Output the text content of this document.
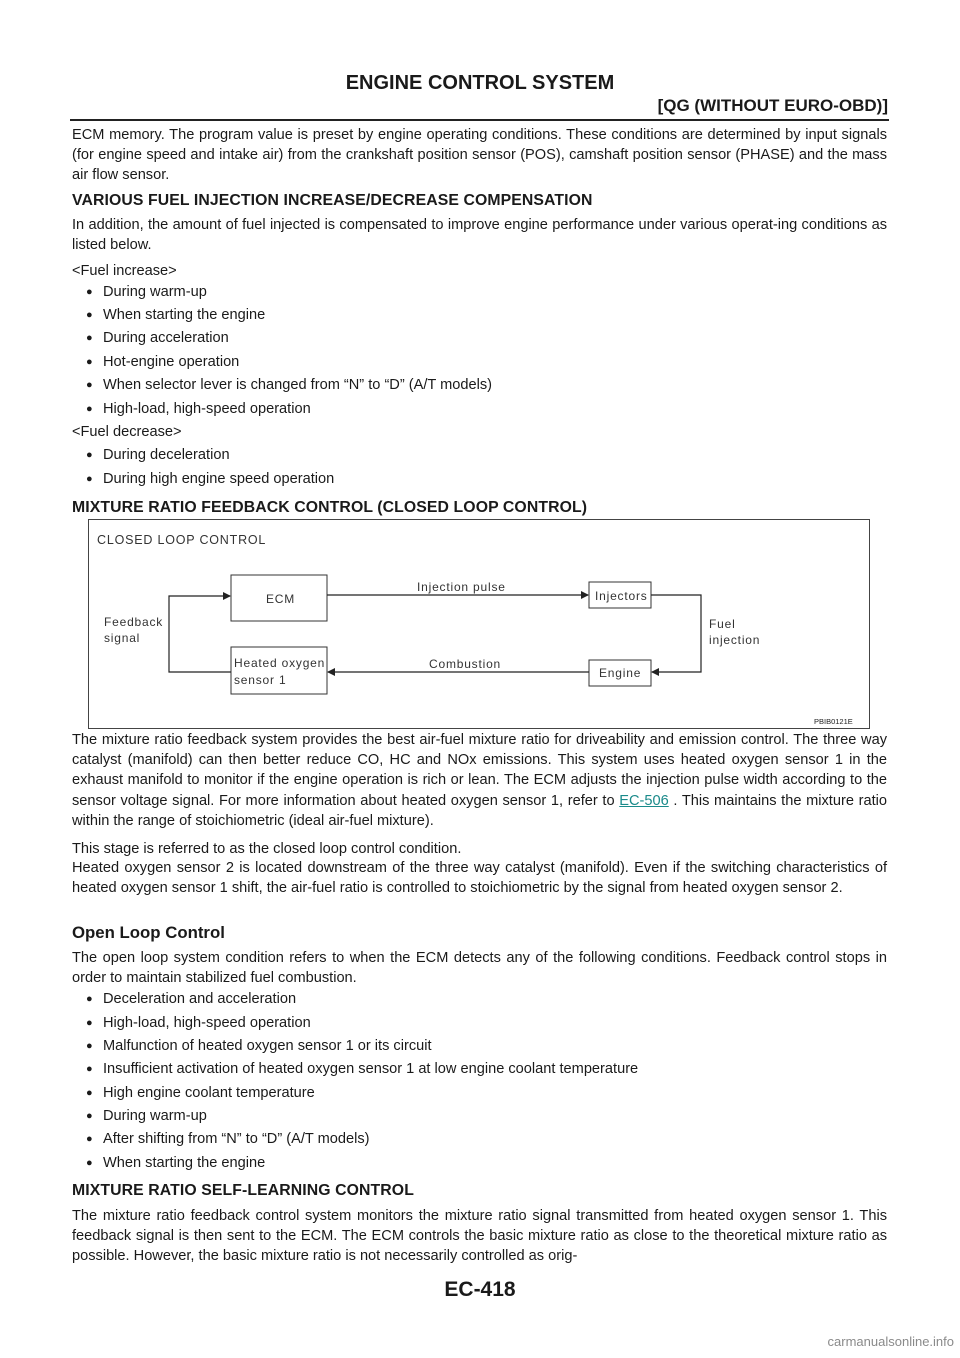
ENGINE CONTROL SYSTEM
[QG (WITHOUT EURO-OBD)]

ECM memory. The program value is preset by engine operating conditions. These conditions are determined by input signals (for engine speed and intake air) from the crankshaft position sensor (POS), camshaft position sensor (PHASE) and the mass air flow sensor.

VARIOUS FUEL INJECTION INCREASE/DECREASE COMPENSATION

In addition, the amount of fuel injected is compensated to improve engine performance under various operat-ing conditions as listed below.

<Fuel increase>
● During warm-up
● When starting the engine
● During acceleration
● Hot-engine operation
● When selector lever is changed from “N” to “D” (A/T models)
● High-load, high-speed operation
<Fuel decrease>
● During deceleration
● During high engine speed operation
MIXTURE RATIO FEEDBACK CONTROL (CLOSED LOOP CONTROL)
CLOSED LOOP CONTROL
ECM
Heated oxygen
sensor 1
Injectors
Engine
Injection pulse
Combustion
Feedback
signal
Fuel
injection
PBIB0121E

The mixture ratio feedback system provides the best air-fuel mixture ratio for driveability and emission control. The three way catalyst (manifold) can then better reduce CO, HC and NOx emissions. This system uses heated oxygen sensor 1 in the exhaust manifold to monitor if the engine operation is rich or lean. The ECM adjusts the injection pulse width according to the sensor voltage signal. For more information about heated oxygen sensor 1, refer to EC-506 . This maintains the mixture ratio within the range of stoichiometric (ideal air-fuel mixture).

This stage is referred to as the closed loop control condition.

Heated oxygen sensor 2 is located downstream of the three way catalyst (manifold). Even if the switching characteristics of heated oxygen sensor 1 shift, the air-fuel ratio is controlled to stoichiometric by the signal from heated oxygen sensor 2.

Open Loop Control

The open loop system condition refers to when the ECM detects any of the following conditions. Feedback control stops in order to maintain stabilized fuel combustion.

● Deceleration and acceleration
● High-load, high-speed operation
● Malfunction of heated oxygen sensor 1 or its circuit
● Insufficient activation of heated oxygen sensor 1 at low engine coolant temperature
● High engine coolant temperature
● During warm-up
● After shifting from “N” to “D” (A/T models)
● When starting the engine
MIXTURE RATIO SELF-LEARNING CONTROL

The mixture ratio feedback control system monitors the mixture ratio signal transmitted from heated oxygen sensor 1. This feedback signal is then sent to the ECM. The ECM controls the basic mixture ratio as close to the theoretical mixture ratio as possible. However, the basic mixture ratio is not necessarily controlled as orig-

EC-418
carmanualsonline.info
